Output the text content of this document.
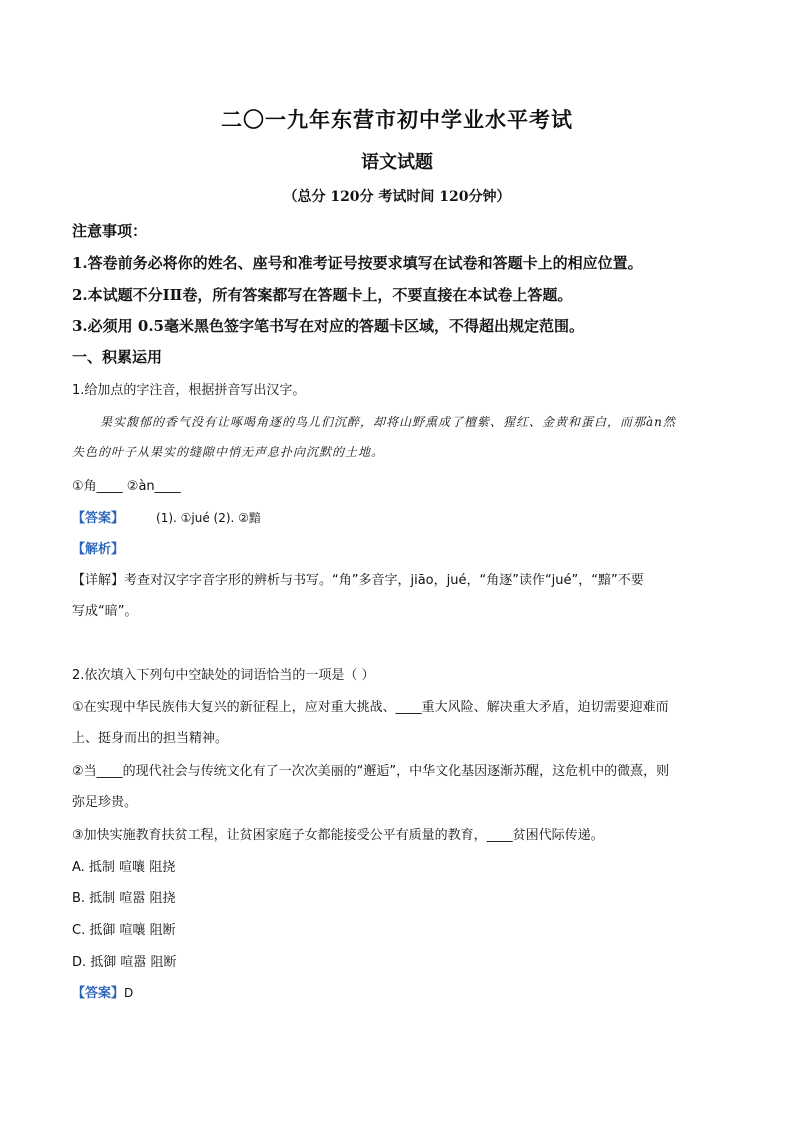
二〇一九年东营市初中学业水平考试
语文试题
（总分 120分 考试时间 120分钟）
注意事项：
1.答卷前务必将你的姓名、座号和准考证号按要求填写在试卷和答题卡上的相应位置。
2.本试题不分ⅠⅡ卷，所有答案都写在答题卡上，不要直接在本试卷上答题。
3.必须用 0.5毫米黑色签字笔书写在对应的答题卡区域，不得超出规定范围。
一、积累运用
1.给加点的字注音，根据拼音写出汉字。
果实馥郁的香气没有让啄喝角逐的鸟儿们沉醉，却将山野熏成了檀紫、猩红、金黄和蛋白，而那àn然
失色的叶子从果实的缝隙中悄无声息扑向沉默的土地。
①角____ ②àn____
【答案】	(1). ①jué (2). ②黯
【解析】
【详解】考查对汉字字音字形的辨析与书写。“角”多音字，jiāo，jué，“角逐”读作“jué”，“黯”不要
写成“暗”。
2.依次填入下列句中空缺处的词语恰当的一项是（ ）
①在实现中华民族伟大复兴的新征程上，应对重大挑战、____重大风险、解决重大矛盾，迫切需要迎难而
上、挺身而出的担当精神。
②当____的现代社会与传统文化有了一次次美丽的“邂逅”，中华文化基因逐渐苏醒，这危机中的微熹，则
弥足珍贵。
③加快实施教育扶贫工程，让贫困家庭子女都能接受公平有质量的教育，____贫困代际传递。
A. 抵制 喧嚷 阻挠
B. 抵制 喧嚣 阻挠
C. 抵御 喧嚷 阻断
D. 抵御 喧嚣 阻断
【答案】D
